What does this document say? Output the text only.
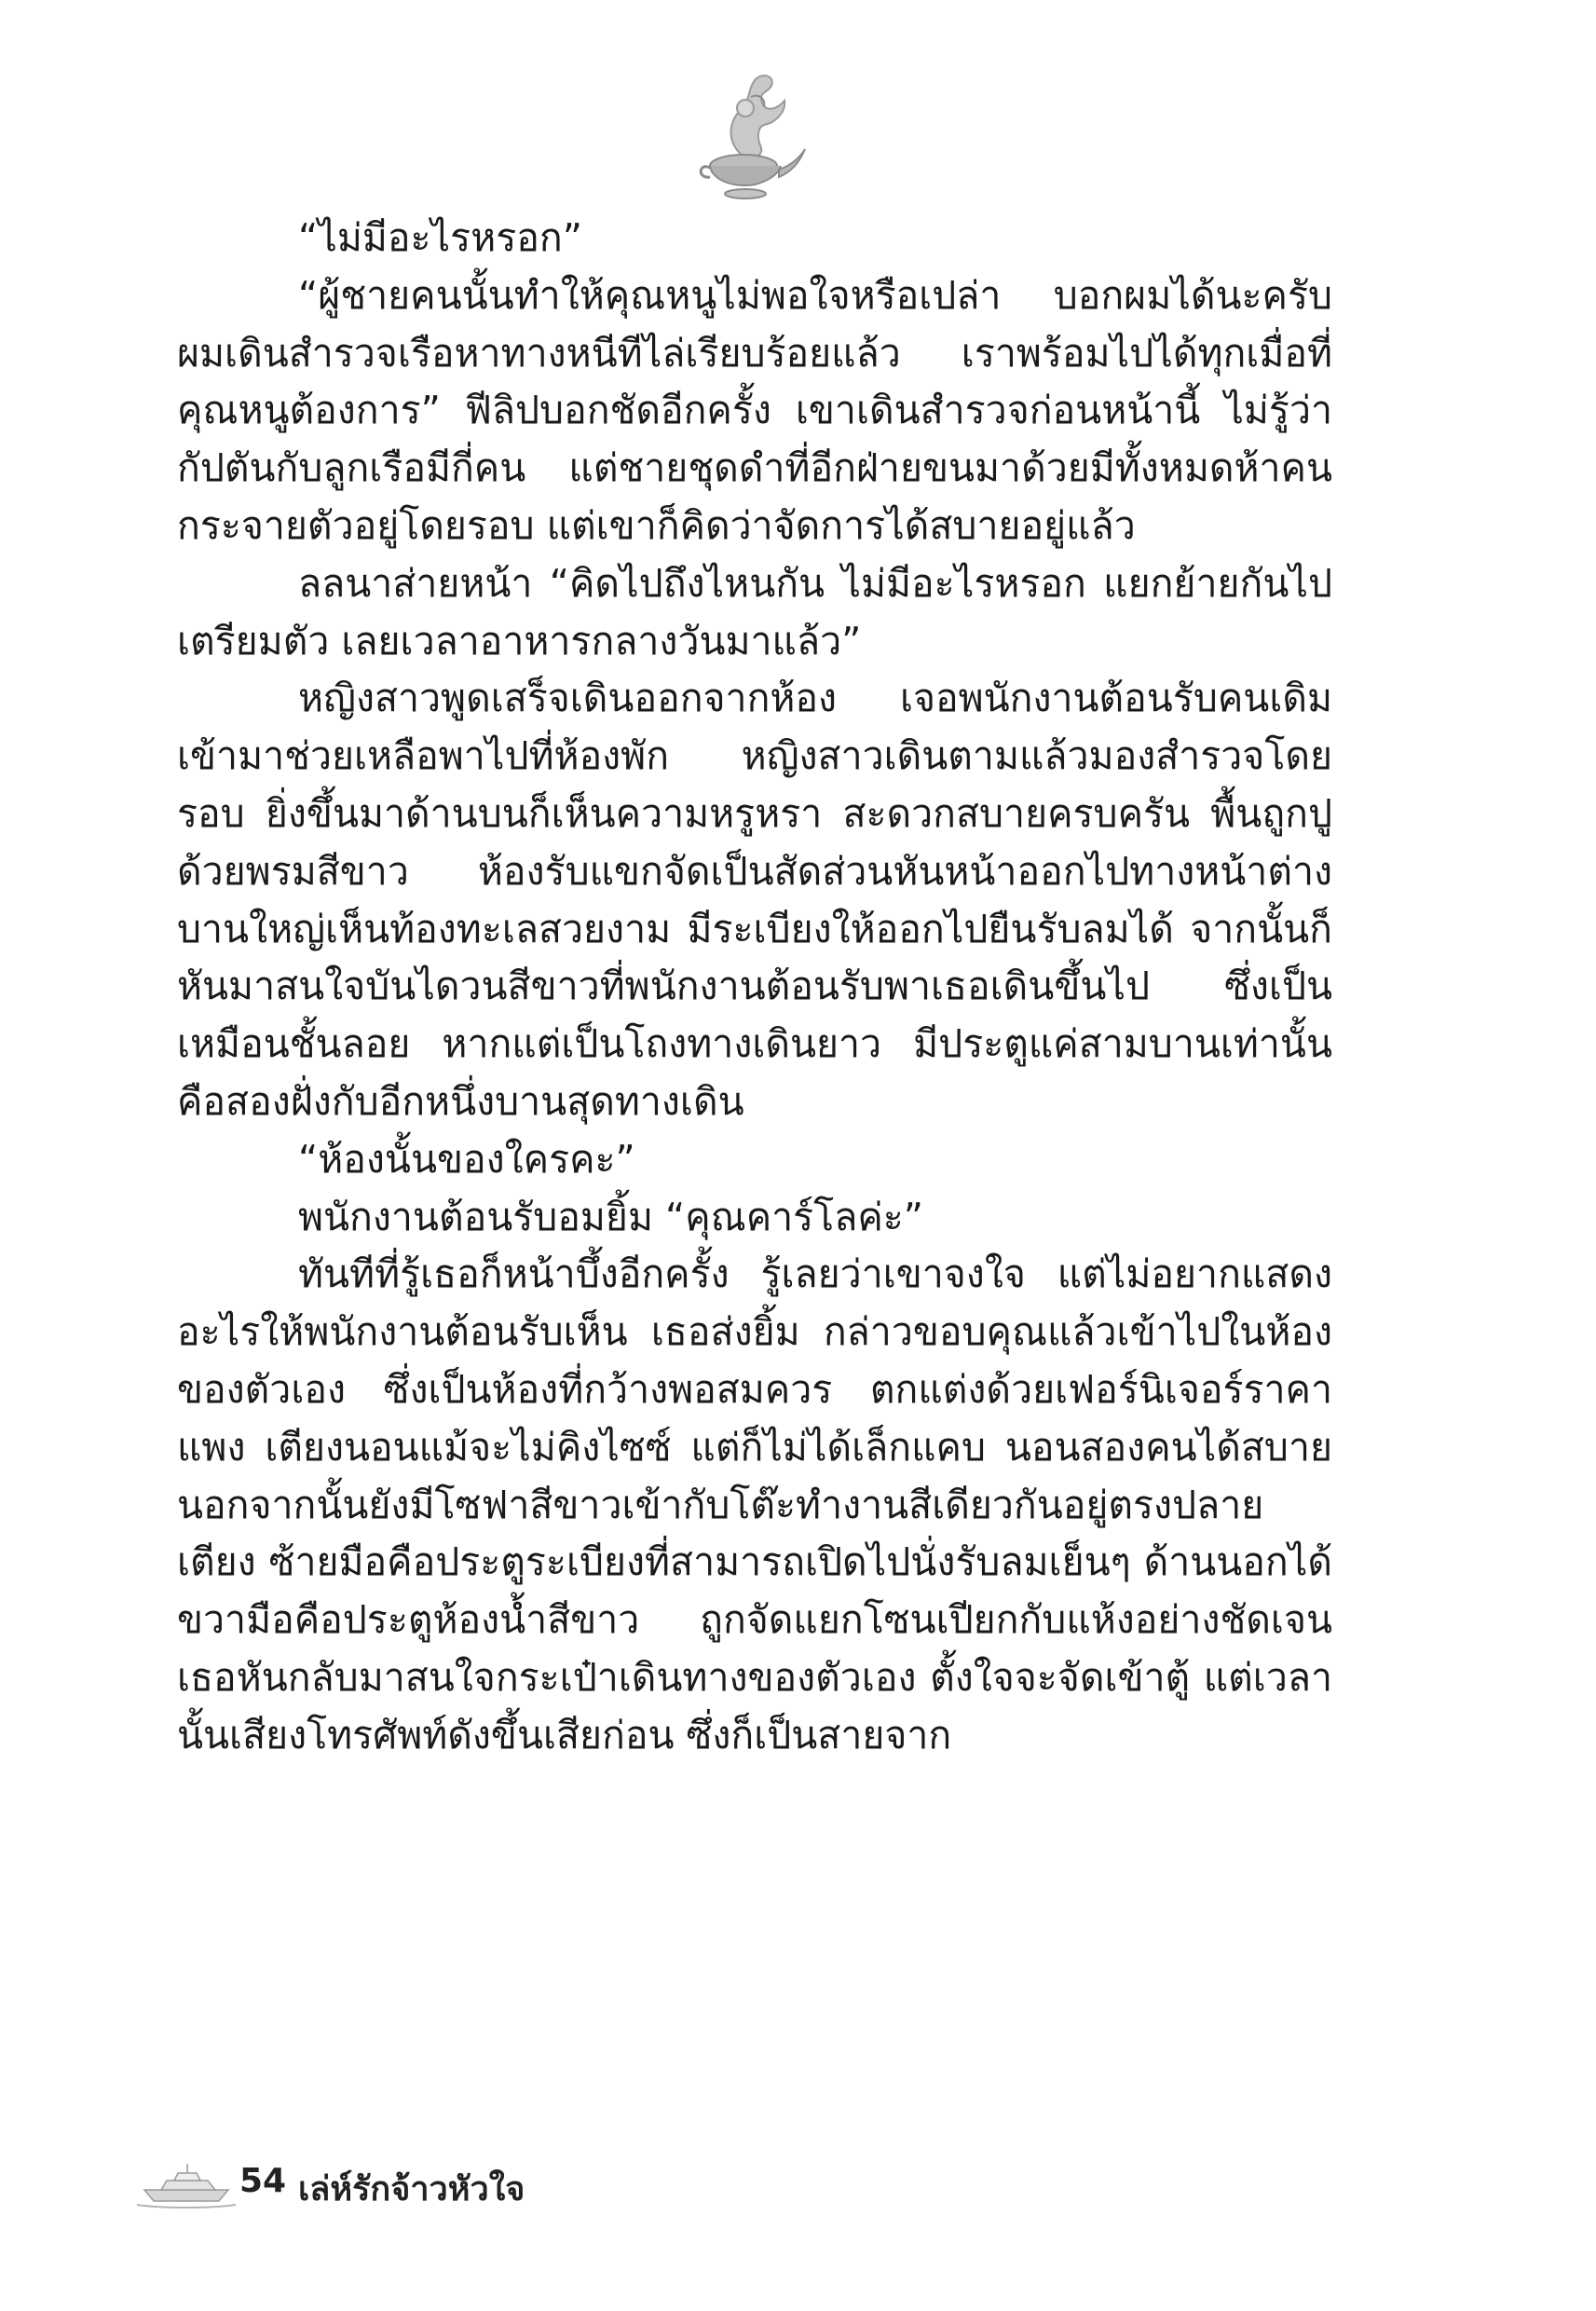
“ไม่มีอะไรหรอก”

“ผู้ชายคนนั้นทำให้คุณหนูไม่พอใจหรือเปล่า บอกผมได้นะครับ ผมเดินสำรวจเรือหาทางหนีทีไล่เรียบร้อยแล้ว เราพร้อมไปได้ทุกเมื่อที่คุณหนูต้องการ” ฟีลิปบอกชัดอีกครั้ง เขาเดินสำรวจก่อนหน้านี้ ไม่รู้ว่ากัปตันกับลูกเรือมีกี่คน แต่ชายชุดดำที่อีกฝ่ายขนมาด้วยมีทั้งหมดห้าคนกระจายตัวอยู่โดยรอบ แต่เขาก็คิดว่าจัดการได้สบายอยู่แล้ว

ลลนาส่ายหน้า “คิดไปถึงไหนกัน ไม่มีอะไรหรอก แยกย้ายกันไปเตรียมตัว เลยเวลาอาหารกลางวันมาแล้ว”

หญิงสาวพูดเสร็จเดินออกจากห้อง เจอพนักงานต้อนรับคนเดิมเข้ามาช่วยเหลือพาไปที่ห้องพัก หญิงสาวเดินตามแล้วมองสำรวจโดยรอบ ยิ่งขึ้นมาด้านบนก็เห็นความหรูหรา สะดวกสบายครบครัน พื้นถูกปูด้วยพรมสีขาว ห้องรับแขกจัดเป็นสัดส่วนหันหน้าออกไปทางหน้าต่างบานใหญ่เห็นท้องทะเลสวยงาม มีระเบียงให้ออกไปยืนรับลมได้ จากนั้นก็หันมาสนใจบันไดวนสีขาวที่พนักงานต้อนรับพาเธอเดินขึ้นไป ซึ่งเป็นเหมือนชั้นลอย หากแต่เป็นโถงทางเดินยาว มีประตูแค่สามบานเท่านั้นคือสองฝั่งกับอีกหนึ่งบานสุดทางเดิน

“ห้องนั้นของใครคะ”

พนักงานต้อนรับอมยิ้ม “คุณคาร์โลค่ะ”

ทันทีที่รู้เธอก็หน้าบึ้งอีกครั้ง รู้เลยว่าเขาจงใจ แต่ไม่อยากแสดงอะไรให้พนักงานต้อนรับเห็น เธอส่งยิ้ม กล่าวขอบคุณแล้วเข้าไปในห้องของตัวเอง ซึ่งเป็นห้องที่กว้างพอสมควร ตกแต่งด้วยเฟอร์นิเจอร์ราคาแพง เตียงนอนแม้จะไม่คิงไซซ์ แต่ก็ไม่ได้เล็กแคบ นอนสองคนได้สบาย นอกจากนั้นยังมีโซฟาสีขาวเข้ากับโต๊ะทำงานสีเดียวกันอยู่ตรงปลายเตียง ซ้ายมือคือประตูระเบียงที่สามารถเปิดไปนั่งรับลมเย็นๆ ด้านนอกได้ ขวามือคือประตูห้องน้ำสีขาว ถูกจัดแยกโซนเปียกกับแห้งอย่างชัดเจน เธอหันกลับมาสนใจกระเป๋าเดินทางของตัวเอง ตั้งใจจะจัดเข้าตู้ แต่เวลานั้นเสียงโทรศัพท์ดังขึ้นเสียก่อน ซึ่งก็เป็นสายจาก

54 เล่ห์รักจ้าวหัวใจ
